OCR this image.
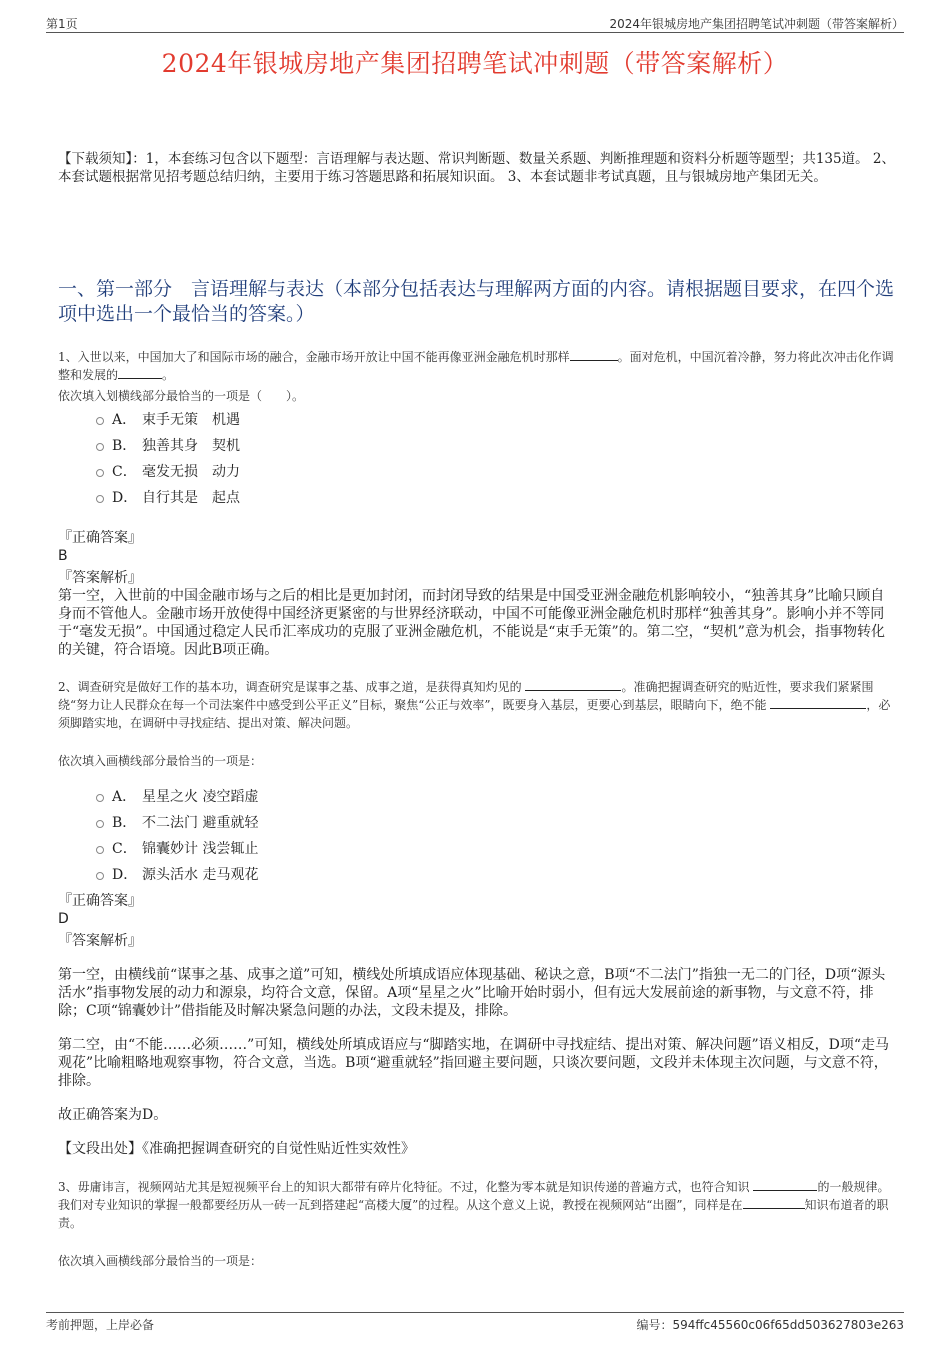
第1页	2024年银城房地产集团招聘笔试冲刺题（带答案解析）
2024年银城房地产集团招聘笔试冲刺题（带答案解析）
【下载须知】：1，本套练习包含以下题型：言语理解与表达题、常识判断题、数量关系题、判断推理题和资料分析题等题型；共135道。 2、本套试题根据常见招考题总结归纳，主要用于练习答题思路和拓展知识面。 3、本套试题非考试真题，且与银城房地产集团无关。
一、第一部分　言语理解与表达（本部分包括表达与理解两方面的内容。请根据题目要求，在四个选项中选出一个最恰当的答案。）
1、入世以来，中国加大了和国际市场的融合，金融市场开放让中国不能再像亚洲金融危机时那样	。面对危机，中国沉着冷静，努力将此次冲击化作调整和发展的	。
依次填入划横线部分最恰当的一项是（　　）。
A． 束手无策　机遇
B． 独善其身　契机
C． 毫发无损　动力
D． 自行其是　起点
『正确答案』
B
『答案解析』
第一空，入世前的中国金融市场与之后的相比是更加封闭，而封闭导致的结果是中国受亚洲金融危机影响较小，“独善其身”比喻只顾自身而不管他人。金融市场开放使得中国经济更紧密的与世界经济联动，中国不可能像亚洲金融危机时那样“独善其身”。影响小并不等同于“毫发无损”。中国通过稳定人民币汇率成功的克服了亚洲金融危机，不能说是“束手无策”的。第二空，“契机”意为机会，指事物转化的关键，符合语境。因此B项正确。
2、调查研究是做好工作的基本功，调查研究是谋事之基、成事之道，是获得真知灼见的	。准确把握调查研究的贴近性，要求我们紧紧围绕“努力让人民群众在每一个司法案件中感受到公平正义”目标，聚焦“公正与效率”，既要身入基层，更要心到基层，眼睛向下，绝不能	，必须脚踏实地，在调研中寻找症结、提出对策、解决问题。
依次填入画横线部分最恰当的一项是：
A． 星星之火 凌空蹈虚
B． 不二法门 避重就轻
C． 锦囊妙计 浅尝辄止
D． 源头活水 走马观花
『正确答案』
D
『答案解析』
第一空，由横线前“谋事之基、成事之道”可知，横线处所填成语应体现基础、秘诀之意，B项“不二法门”指独一无二的门径，D项“源头活水”指事物发展的动力和源泉，均符合文意，保留。A项“星星之火”比喻开始时弱小，但有远大发展前途的新事物，与文意不符，排除；C项“锦囊妙计”借指能及时解决紧急问题的办法，文段未提及，排除。
第二空，由“不能……必须……”可知，横线处所填成语应与“脚踏实地，在调研中寻找症结、提出对策、解决问题”语义相反，D项“走马观花”比喻粗略地观察事物，符合文意，当选。B项“避重就轻”指回避主要问题，只谈次要问题，文段并未体现主次问题，与文意不符，排除。
故正确答案为D。
【文段出处】《准确把握调查研究的自觉性贴近性实效性》
3、毋庸讳言，视频网站尤其是短视频平台上的知识大都带有碎片化特征。不过，化整为零本就是知识传递的普遍方式，也符合知识	的一般规律。我们对专业知识的掌握一般都要经历从一砖一瓦到搭建起“高楼大厦”的过程。从这个意义上说，教授在视频网站“出圈”，同样是在	知识布道者的职责。
依次填入画横线部分最恰当的一项是：
考前押题，上岸必备	编号：594ffc45560c06f65dd503627803e263
